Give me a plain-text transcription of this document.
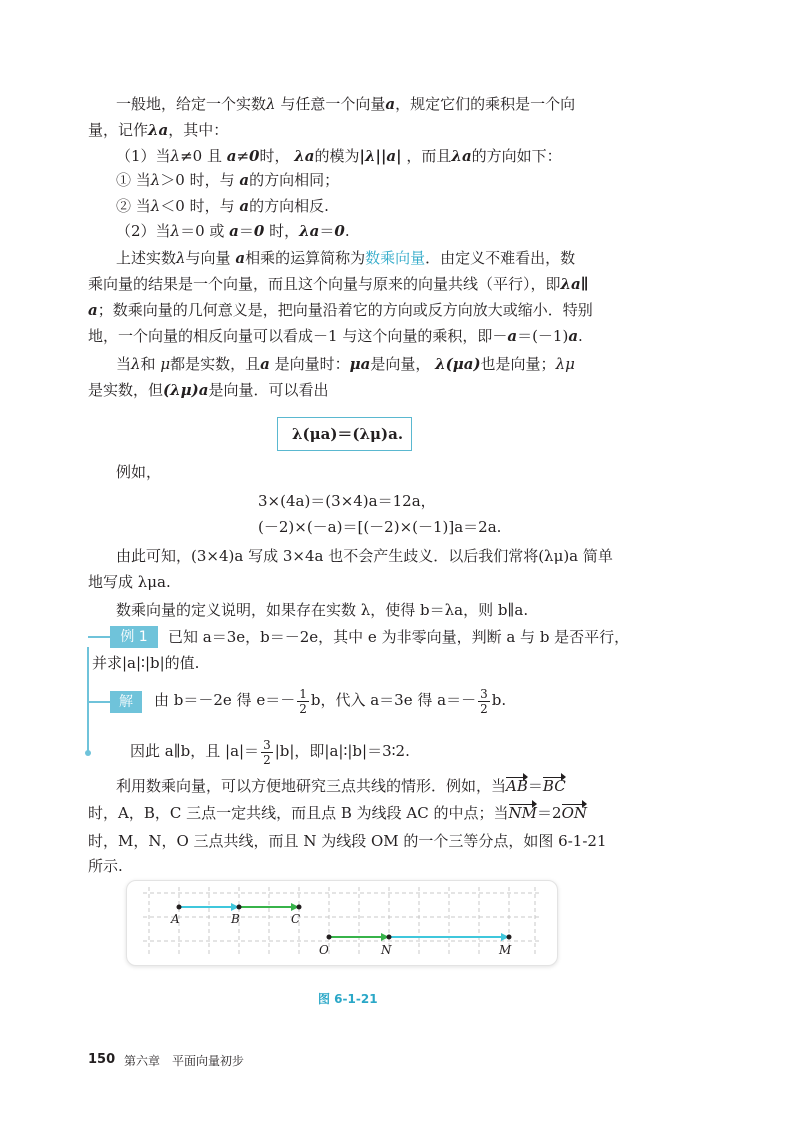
一般地，给定一个实数λ 与任意一个向量a，规定它们的乘积是一个向
量，记作λa，其中：
（1）当λ≠0 且 a≠0时， λa的模为|λ||a| ，而且λa的方向如下：
① 当λ＞0 时，与 a的方向相同；
② 当λ＜0 时，与 a的方向相反.
（2）当λ＝0 或 a＝0 时，λa＝0.
上述实数λ与向量 a相乘的运算简称为数乘向量．由定义不难看出，数
乘向量的结果是一个向量，而且这个向量与原来的向量共线（平行），即λa∥
a；数乘向量的几何意义是，把向量沿着它的方向或反方向放大或缩小．特别
地，一个向量的相反向量可以看成－1 与这个向量的乘积，即－a＝(－1)a.
当λ和 μ都是实数，且a 是向量时：μa是向量， λ(μa)也是向量；λμ
是实数，但(λμ)a是向量．可以看出
λ(μa)＝(λμ)a.
例如，
3×(4a)＝(3×4)a＝12a，
(－2)×(－a)＝[(－2)×(－1)]a＝2a.
由此可知，(3×4)a 写成 3×4a 也不会产生歧义．以后我们常将(λμ)a 简单
地写成 λμa.
数乘向量的定义说明，如果存在实数 λ，使得 b＝λa，则 b∥a.
例 1	已知 a＝3e，b＝－2e，其中 e 为非零向量，判断 a 与 b 是否平行，
并求|a|∶|b|的值.
解	由 b＝－2e 得 $e=- \frac{1}{2}$ b，代入 a＝3e 得 $a=- \frac{3}{2} b$.
因此 a∥b，且 $|a|= \frac{3}{2} |b|$，即|a|∶|b|＝3∶2.
利用数乘向量，可以方便地研究三点共线的情形．例如，当AB＝BC
时，A，B，C 三点一定共线，而且点 B 为线段 AC 的中点；当NM＝2ON
时，M，N，O 三点共线，而且 N 为线段 OM 的一个三等分点，如图 6-1-21
所示.
A	B	C
O	N	M
图 6-1-21
150 第六章　平面向量初步
